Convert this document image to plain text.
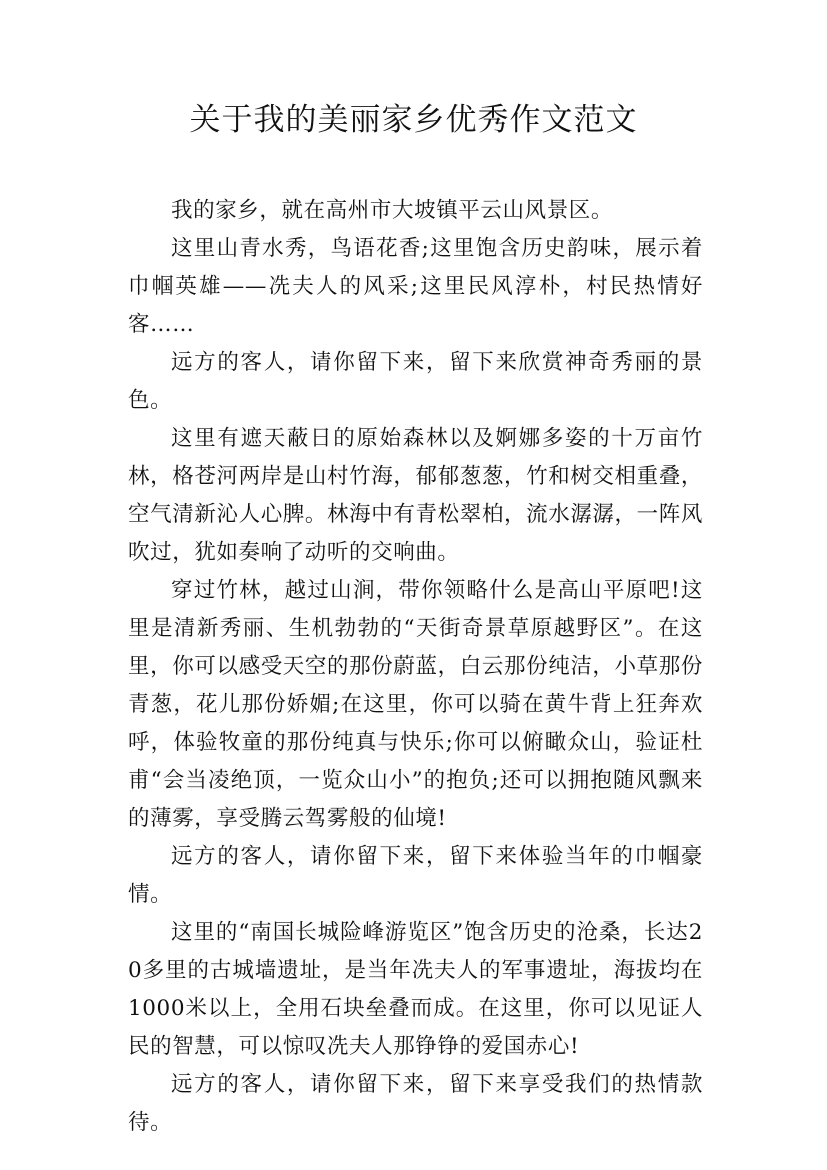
关于我的美丽家乡优秀作文范文

我的家乡，就在高州市大坡镇平云山风景区。

这里山青水秀，鸟语花香;这里饱含历史韵味，展示着巾帼英雄——冼夫人的风采;这里民风淳朴，村民热情好客……

远方的客人，请你留下来，留下来欣赏神奇秀丽的景色。

这里有遮天蔽日的原始森林以及婀娜多姿的十万亩竹林，格苍河两岸是山村竹海，郁郁葱葱，竹和树交相重叠，空气清新沁人心脾。林海中有青松翠柏，流水潺潺，一阵风吹过，犹如奏响了动听的交响曲。

穿过竹林，越过山涧，带你领略什么是高山平原吧!这里是清新秀丽、生机勃勃的“天街奇景草原越野区”。在这里，你可以感受天空的那份蔚蓝，白云那份纯洁，小草那份青葱，花儿那份娇媚;在这里，你可以骑在黄牛背上狂奔欢呼，体验牧童的那份纯真与快乐;你可以俯瞰众山，验证杜甫“会当凌绝顶，一览众山小”的抱负;还可以拥抱随风飘来的薄雾，享受腾云驾雾般的仙境!

远方的客人，请你留下来，留下来体验当年的巾帼豪情。

这里的“南国长城险峰游览区”饱含历史的沧桑，长达20多里的古城墙遗址，是当年冼夫人的军事遗址，海拔均在1000米以上，全用石块垒叠而成。在这里，你可以见证人民的智慧，可以惊叹冼夫人那铮铮的爱国赤心!

远方的客人，请你留下来，留下来享受我们的热情款待。
